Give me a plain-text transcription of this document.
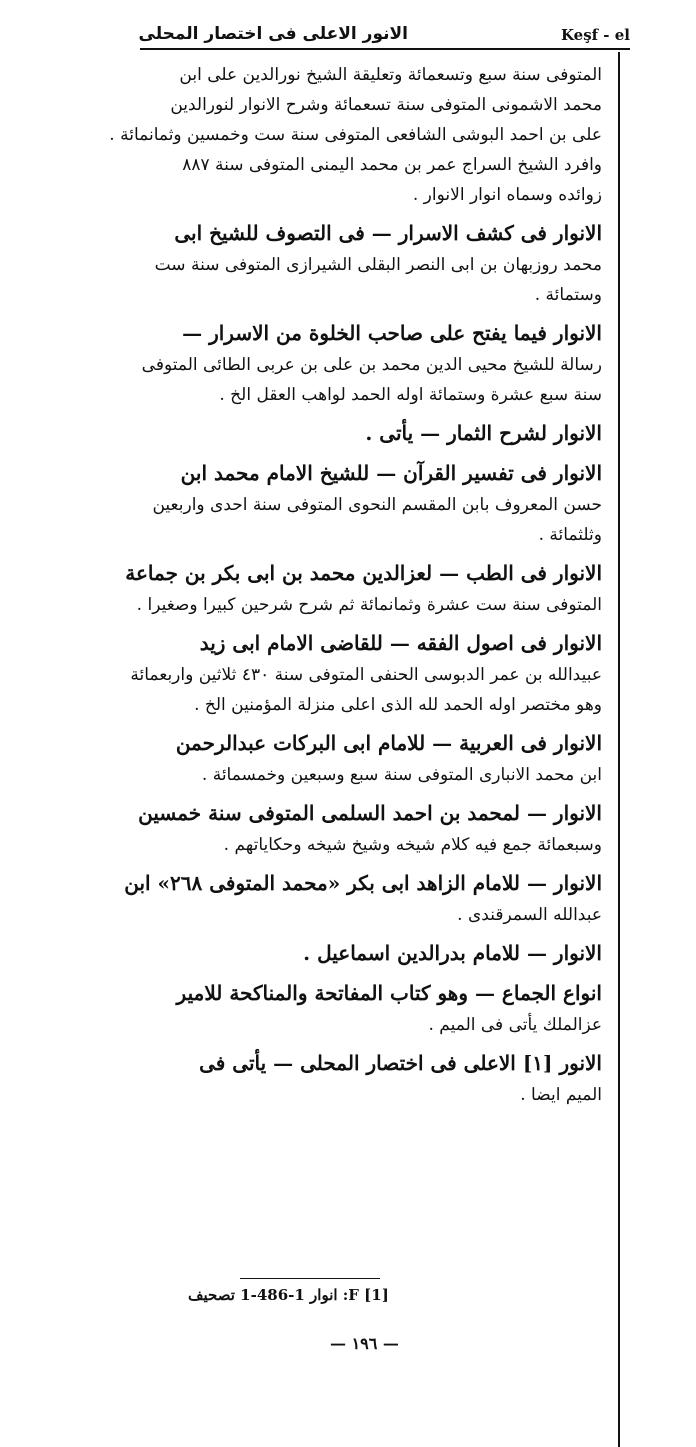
الانور الاعلى فى اختصار المحلى	Keşf - el
المتوفى سنة سبع وتسعمائة وتعليقة الشيخ نورالدين على ابن
محمد الاشمونى المتوفى سنة تسعمائة وشرح الانوار لنورالدين
على بن احمد البوشى الشافعى المتوفى سنة ست وخمسين وثمانمائة .
وافرد الشيخ السراج عمر بن محمد اليمنى المتوفى سنة ٨٨٧
زوائده وسماه انوار الانوار .
الانوار فى كشف الاسرار — فى التصوف للشيخ ابى
محمد روزبهان بن ابى النصر البقلى الشيرازى المتوفى سنة ست
وستمائة .
الانوار فيما يفتح على صاحب الخلوة من الاسرار —
رسالة للشيخ محيى الدين محمد بن على بن عربى الطائى المتوفى
سنة سبع عشرة وستمائة اوله الحمد لواهب العقل الخ .
الانوار لشرح الثمار — يأتى .
الانوار فى تفسير القرآن — للشيخ الامام محمد ابن
حسن المعروف بابن المقسم النحوى المتوفى سنة احدى واربعين
وثلثمائة .
الانوار فى الطب — لعزالدين محمد بن ابى بكر بن جماعة
المتوفى سنة ست عشرة وثمانمائة ثم شرح شرحين كبيرا وصغيرا .
الانوار فى اصول الفقه — للقاضى الامام ابى زيد
عبيدالله بن عمر الدبوسى الحنفى المتوفى سنة ٤٣٠ ثلاثين واربعمائة
وهو مختصر اوله الحمد لله الذى اعلى منزلة المؤمنين الخ .
الانوار فى العربية — للامام ابى البركات عبدالرحمن
ابن محمد الانبارى المتوفى سنة سبع وسبعين وخمسمائة .
الانوار — لمحمد بن احمد السلمى المتوفى سنة خمسين
وسبعمائة جمع فيه كلام شيخه وشيخ شيخه وحكاياتهم .
الانوار — للامام الزاهد ابى بكر «محمد المتوفى ٢٦٨» ابن
عبدالله السمرقندى .
الانوار — للامام بدرالدين اسماعيل .
انواع الجماع — وهو كتاب المفاتحة والمناكحة للامير
عزالملك يأتى فى الميم .
الانور [١] الاعلى فى اختصار المحلى — يأتى فى
الميم ايضا .
[1] F: انوار 1-486-1 تصحيف
— ١٩٦ —
